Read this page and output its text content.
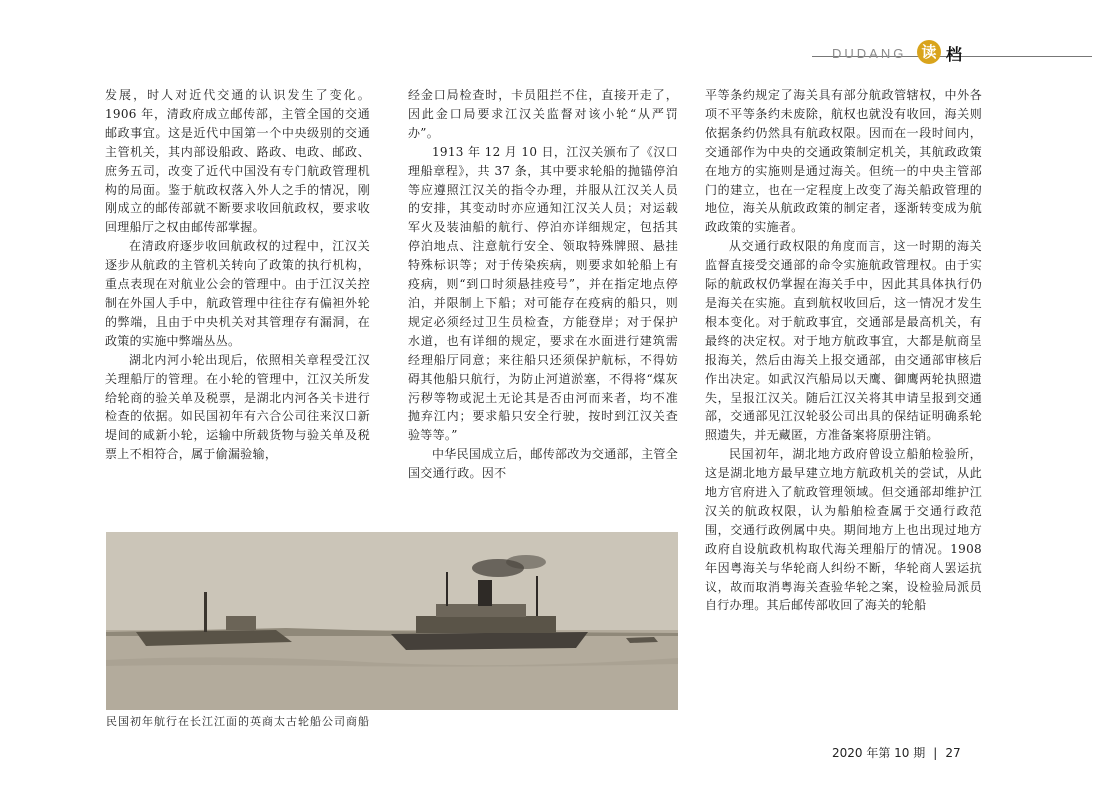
DUDANG 读 档

发展，时人对近代交通的认识发生了变化。1906 年，清政府成立邮传部，主管全国的交通邮政事宜。这是近代中国第一个中央级别的交通主管机关，其内部设船政、路政、电政、邮政、庶务五司，改变了近代中国没有专门航政管理机构的局面。鉴于航政权落入外人之手的情况，刚刚成立的邮传部就不断要求收回航政权，要求收回理船厅之权由邮传部掌握。

在清政府逐步收回航政权的过程中，江汉关逐步从航政的主管机关转向了政策的执行机构，重点表现在对航业公会的管理中。由于江汉关控制在外国人手中，航政管理中往往存有偏袒外轮的弊端，且由于中央机关对其管理存有漏洞，在政策的实施中弊端丛丛。

湖北内河小轮出现后，依照相关章程受江汉关理船厅的管理。在小轮的管理中，江汉关所发给轮商的验关单及税票，是湖北内河各关卡进行检查的依据。如民国初年有六合公司往来汉口新堤间的咸新小轮，运输中所载货物与验关单及税票上不相符合，属于偷漏验输，

经金口局检查时，卡员阻拦不住，直接开走了，因此金口局要求江汉关监督对该小轮“从严罚办”。

1913 年 12 月 10 日，江汉关颁布了《汉口理船章程》，共 37 条，其中要求轮船的抛锚停泊等应遵照江汉关的指令办理，并服从江汉关人员的安排，其变动时亦应通知江汉关人员；对运载军火及装油船的航行、停泊亦详细规定，包括其停泊地点、注意航行安全、领取特殊牌照、悬挂特殊标识等；对于传染疾病，则要求如轮船上有疫病，则“到口时须悬挂疫号”，并在指定地点停泊，并限制上下船；对可能存在疫病的船只，则规定必须经过卫生员检查，方能登岸；对于保护水道，也有详细的规定，要求在水面进行建筑需经理船厅同意；来往船只还须保护航标，不得妨碍其他船只航行，为防止河道淤塞，不得将“煤灰污秽等物或泥土无论其是否由河而来者，均不准抛弃江内；要求船只安全行驶，按时到江汉关查验等等。”

中华民国成立后，邮传部改为交通部，主管全国交通行政。因不

平等条约规定了海关具有部分航政管辖权，中外各项不平等条约未废除，航权也就没有收回，海关则依据条约仍然具有航政权限。因而在一段时间内，交通部作为中央的交通政策制定机关，其航政政策在地方的实施则是通过海关。但统一的中央主管部门的建立，也在一定程度上改变了海关船政管理的地位，海关从航政政策的制定者，逐渐转变成为航政政策的实施者。

从交通行政权限的角度而言，这一时期的海关监督直接受交通部的命令实施航政管理权。由于实际的航政权仍掌握在海关手中，因此其具体执行仍是海关在实施。直到航权收回后，这一情况才发生根本变化。对于航政事宜，交通部是最高机关，有最终的决定权。对于地方航政事宜，大都是航商呈报海关，然后由海关上报交通部，由交通部审核后作出决定。如武汉汽船局以天鹰、御鹰两轮执照遗失，呈报江汉关。随后江汉关将其申请呈报到交通部，交通部见江汉轮驳公司出具的保结证明确系轮照遗失，并无藏匿，方准备案将原册注销。

民国初年，湖北地方政府曾设立船舶检验所，这是湖北地方最早建立地方航政机关的尝试，从此地方官府进入了航政管理领域。但交通部却维护江汉关的航政权限，认为船舶检查属于交通行政范围，交通行政例属中央。期间地方上也出现过地方政府自设航政机构取代海关理船厅的情况。1908 年因粤海关与华轮商人纠纷不断，华轮商人罢运抗议，故而取消粤海关查验华轮之案，设检验局派员自行办理。其后邮传部收回了海关的轮船

民国初年航行在长江江面的英商太古轮船公司商船
2020 年第 10 期 | 27
